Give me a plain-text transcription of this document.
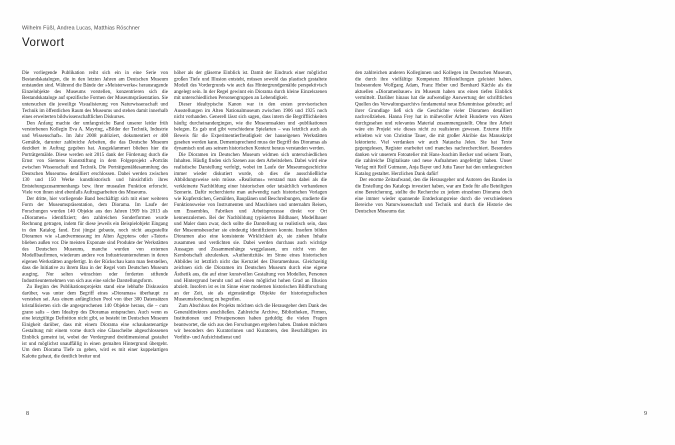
Wilhelm Füßl, Andrea Lucas, Matthias Röschner
Vorwort

Die vorliegende Publikation reiht sich ein in eine Serie von Bestandskatalogen, die in den letzten Jahren am Deutschen Museum entstanden sind. Während die Bände der »Meisterwerke« herausragende Einzelobjekte des Museums vorstellen, konzentrieren sich die Bestandskataloge auf spezifische Formen der Museumspräsentation. Sie untersuchen die jeweilige Visualisierung von Naturwissenschaft und Technik im öffentlichen Raum des Museums und stehen damit innerhalb eines erweiterten bildwissenschaftlichen Diskurses.

Den Anfang machte der umfangreiche Band unserer leider früh verstorbenen Kollegin Eva A. Mayring, »Bilder der Technik, Industrie und Wissenschaft«. Im Jahr 2008 publiziert, dokumentiert er 408 Gemälde, darunter zahlreiche Arbeiten, die das Deutsche Museum dezidiert in Auftrag gegeben hat. Ausgeklammert blieben hier die Porträtgemälde. Diese werden seit 2015 dank der Förderung durch die Ernst von Siemens Kunststiftung in dem Folgeprojekt »Porträts zwischen Wissenschaft und Technik. Die Porträtgemäldesammlung des Deutschen Museums« detailliert erschlossen. Dabei werden zwischen 130 und 150 Werke kunsthistorisch und hinsichtlich ihres Entstehungszusammenhangs bzw. ihrer musealen Funktion erforscht. Viele von ihnen sind ebenfalls Auftragsarbeiten des Museums.

Der dritte, hier vorliegende Band beschäftigt sich mit einer weiteren Form der Museumspräsentation, dem Diorama. Im Laufe der Forschungen wurden 140 Objekte aus den Jahren 1909 bis 2013 als »Dioramen« identifiziert; den zahlreichen Sonderformen wurde Rechnung getragen, indem für diese jeweils ein Beispielobjekt Eingang in den Katalog fand. Erst jüngst gebaute, noch nicht ausgestellte Dioramen wie »Landvermessung im Alten Ägypten« oder »Tatort« blieben außen vor. Die meisten Exponate sind Produkte der Werkstätten des Deutschen Museums, manche wurden von externen Modellbaufirmen, wiederum andere von Industrieunternehmen in deren eigenen Werkstätten angefertigt. In der Rückschau kann man feststellen, dass die Initiative zu ihrem Bau in der Regel vom Deutschen Museum ausging. Nur selten wünschten oder forderten stiftende Industrieunternehmen von sich aus eine solche Darstellungsform.

Zu Beginn des Publikationsprojekts stand eine lebhafte Diskussion darüber, was unter dem Begriff eines »Dioramas« überhaupt zu verstehen sei. Aus einem anfänglichen Pool von über 300 Datensätzen kristallisierten sich die angesprochenen 140 Objekte heraus, die – cum grano salis – dem Idealtyp des Dioramas entsprachen. Auch wenn es eine letztgültige Definition nicht gibt, so besteht im Deutschen Museum Einigkeit darüber, dass mit einem Diorama eine schaukastenartige Gestaltung mit einem vorne durch eine Glasscheibe abgeschlossenen Einblick gemeint ist, wobei der Vordergrund dreidimensional gestaltet ist und möglichst unauffällig in einen gemalten Hintergrund übergeht. Um dem Diorama Tiefe zu geben, wird es mit einer kuppelartigen Kalotte gebaut, die deutlich breiter und

höher als der gläserne Einblick ist. Damit der Eindruck einer möglichst großen Tiefe und Illusion entsteht, müssen sowohl das plastisch gestaltete Modell des Vordergrunds wie auch das Hintergrundgemälde perspektivisch angelegt sein. In der Regel gewinnt ein Diorama durch kleine Einzelszenen mit unterschiedlichen Personengruppen an Lebendigkeit.

Dieser idealtypische Kanon war in den ersten provisorischen Ausstellungen im Alten Nationalmuseum zwischen 1906 und 1925 noch nicht vorhanden. Generell lässt sich sagen, dass intern die Begrifflichkeiten häufig durcheinandergingen, wie die Museumsakten und -publikationen belegen. Es gab und gibt verschiedene Spielarten – was letztlich auch als Beweis für die Experimentierfreudigkeit der hauseigenen Werkstätten gesehen werden kann. Dementsprechend muss der Begriff des Dioramas als dynamisch und aus seinem historischen Kontext heraus verstanden werden.

Die Dioramen im Deutschen Museum widmen sich unterschiedlichen Inhalten. Häufig finden sich Szenen aus dem Arbeitsleben. Dabei wird eine realistische Darstellung verfolgt, wobei im Laufe der Museumsgeschichte immer wieder diskutiert wurde, ob dies die ausschließliche Abbildungsweise sein müsse. »Realismus« verstand man dabei als die verkleinerte Nachbildung einer historischen oder tatsächlich vorhandenen Szenerie. Dafür recherchierte man aufwendig nach historischen Vorlagen wie Kupferstichen, Gemälden, Bauplänen und Beschreibungen, studierte die Funktionsweise von Instrumenten und Maschinen und unternahm Reisen, um Ensembles, Fabriken und Arbeitsprozesse direkt vor Ort kennenzulernen. Bei der Nachbildung typisierten Bildhauer, Modellbauer und Maler dann zwar, doch sollte die Darstellung so realistisch sein, dass der Museumsbesucher sie eindeutig identifizieren konnte. Insofern bilden Dioramen also eine konsistente Wirklichkeit ab, sie ziehen Inhalte zusammen und verdichten sie. Dabei werden durchaus auch wichtige Aussagen und Zusammenhänge weggelassen, um nicht von der Kernbotschaft abzulenken. »Authentizität« im Sinne eines historischen Abbildes ist letztlich nicht das Kernziel des Dioramenbaus. Gleichzeitig zeichnen sich die Dioramen im Deutschen Museum durch eine eigene Ästhetik aus, die auf einer kunstvollen Gestaltung von Modellen, Personen und Hintergrund beruht und auf einen möglichst hohen Grad an Illusion abzielt. Insofern ist es im Sinne einer modernen historischen Bildforschung an der Zeit, sie als eigenständige Objekte der historiografischen Museumsforschung zu begreifen.

Zum Abschluss des Projekts möchten sich die Herausgeber dem Dank des Generaldirektors anschließen. Zahlreiche Archive, Bibliotheken, Firmen, Institutionen und Privatpersonen haben geduldig die vielen Fragen beantwortet, die sich aus den Forschungen ergeben haben. Danken möchten wir besonders den Kuratorinnen und Kuratoren, den Beschäftigten im Vorführ- und Aufsichtsdienst und

den zahlreichen anderen Kolleginnen und Kollegen im Deutschen Museum, die durch ihre vielfältige Kompetenz Hilfestellungen geleistet haben. Insbesondere Wolfgang Adam, Franz Huber und Bernhard Kächle als die aktuellen »Dioramenbauer« im Museum haben uns einen tiefen Einblick vermittelt. Darüber hinaus hat die aufwendige Auswertung der schriftlichen Quellen des Verwaltungsarchivs fundamental neue Erkenntnisse gebracht; auf ihrer Grundlage ließ sich die Geschichte vieler Dioramen detailliert nachvollziehen. Hanna Frey hat in mühevoller Arbeit Hunderte von Akten durchgesehen und relevantes Material zusammengestellt. Ohne ihre Arbeit wäre ein Projekt wie dieses nicht zu realisieren gewesen. Externe Hilfe erhielten wir von Christine Tauer, die mit großer Akribie das Manuskript lektorierte. Viel verdanken wir auch Natascha Jelen. Sie hat Texte gegengelesen, Register erarbeitet und manches nachrecherchiert. Besonders danken wir unserem Fotoatelier mit Hans-Joachim Becker und seinem Team, die zahlreiche Digitalisate und neue Aufnahmen angefertigt haben. Unser Verlag mit Rolf Gutmann, Anja Bayer und Jutta Tauer hat den umfangreichen Katalog gestaltet. Herzlichen Dank dafür!

Der enorme Zeitaufwand, den die Herausgeber und Autoren des Bandes in die Erstellung des Katalogs investiert haben, war am Ende für alle Beteiligten eine Bereicherung, stellte die Recherche zu jedem einzelnen Diorama doch eine immer wieder spannende Entdeckungsreise durch die verschiedenen Bereiche von Naturwissenschaft und Technik und durch die Historie des Deutschen Museums dar.

8	9
